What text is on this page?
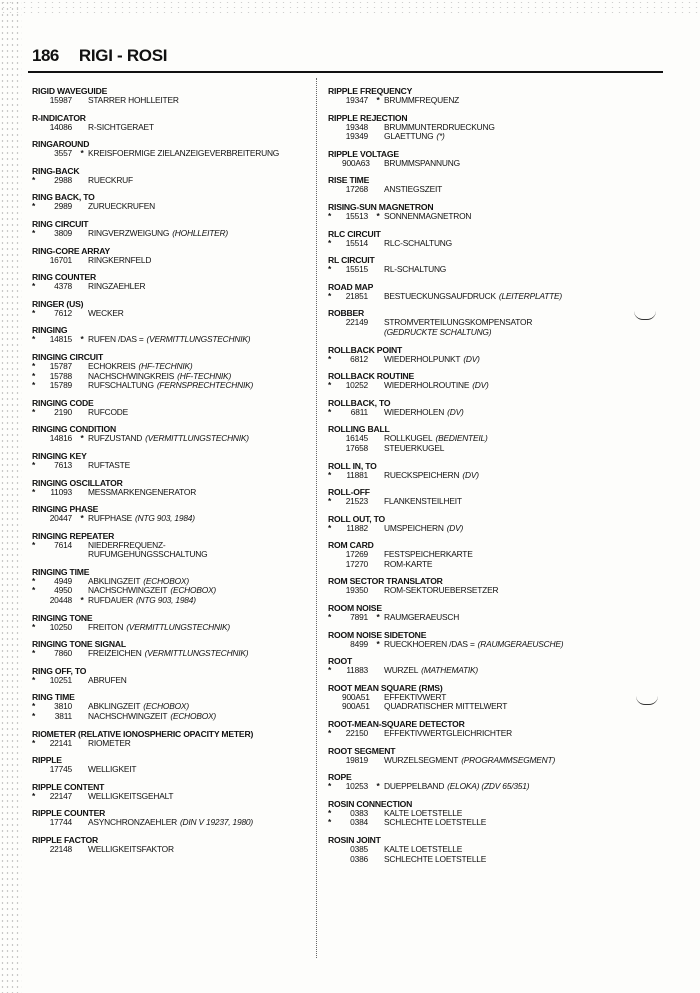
186 RIGI - ROSI
RIGID WAVEGUIDE
15987	STARRER HOHLLEITER
R-INDICATOR
14086	R-SICHTGERAET
RINGAROUND
3557	* KREISFOERMIGE ZIELANZEIGEVERBREITERUNG
RING-BACK
*	2988	RUECKRUF
RING BACK, TO
*	2989	ZURUECKRUFEN
RING CIRCUIT
*	3809	RINGVERZWEIGUNG (HOHLLEITER)
RING-CORE ARRAY
16701	RINGKERNFELD
RING COUNTER
*	4378	RINGZAEHLER
RINGER (US)
*	7612	WECKER
RINGING
*	14815	* RUFEN /DAS = (VERMITTLUNGSTECHNIK)
RINGING CIRCUIT
*	15787	ECHOKREIS (HF-TECHNIK)
*	15788	NACHSCHWINGKREIS (HF-TECHNIK)
*	15789	RUFSCHALTUNG (FERNSPRECHTECHNIK)
RINGING CODE
*	2190	RUFCODE
RINGING CONDITION
14816	* RUFZUSTAND (VERMITTLUNGSTECHNIK)
RINGING KEY
*	7613	RUFTASTE
RINGING OSCILLATOR
*	11093	MESSMARKENGENERATOR
RINGING PHASE
20447	* RUFPHASE (NTG 903, 1984)
RINGING REPEATER
*	7614	NIEDERFREQUENZ-
RUFUMGEHUNGSSCHALTUNG
RINGING TIME
*	4949	ABKLINGZEIT (ECHOBOX)
*	4950	NACHSCHWINGZEIT (ECHOBOX)
20448	* RUFDAUER (NTG 903, 1984)
RINGING TONE
*	10250	FREITON (VERMITTLUNGSTECHNIK)
RINGING TONE SIGNAL
*	7860	FREIZEICHEN (VERMITTLUNGSTECHNIK)
RING OFF, TO
*	10251	ABRUFEN
RING TIME
*	3810	ABKLINGZEIT (ECHOBOX)
*	3811	NACHSCHWINGZEIT (ECHOBOX)
RIOMETER (RELATIVE IONOSPHERIC OPACITY METER)
*	22141	RIOMETER
RIPPLE
17745	WELLIGKEIT
RIPPLE CONTENT
*	22147	WELLIGKEITSGEHALT
RIPPLE COUNTER
17744	ASYNCHRONZAEHLER (DIN V 19237, 1980)
RIPPLE FACTOR
22148	WELLIGKEITSFAKTOR
RIPPLE FREQUENCY
19347	* BRUMMFREQUENZ
RIPPLE REJECTION
19348	BRUMMUNTERDRUECKUNG
19349	GLAETTUNG (*)
RIPPLE VOLTAGE
900A63 BRUMMSPANNUNG
RISE TIME
17268	ANSTIEGSZEIT
RISING-SUN MAGNETRON
*	15513	* SONNENMAGNETRON
RLC CIRCUIT
*	15514	RLC-SCHALTUNG
RL CIRCUIT
*	15515	RL-SCHALTUNG
ROAD MAP
*	21851	BESTUECKUNGSAUFDRUCK (LEITERPLATTE)
ROBBER
22149	STROMVERTEILUNGSKOMPENSATOR
(GEDRUCKTE SCHALTUNG)
ROLLBACK POINT
*	6812	WIEDERHOLPUNKT (DV)
ROLLBACK ROUTINE
*	10252	WIEDERHOLROUTINE (DV)
ROLLBACK, TO
*	6811	WIEDERHOLEN (DV)
ROLLING BALL
16145	ROLLKUGEL (BEDIENTEIL)
17658	STEUERKUGEL
ROLL IN, TO
*	11881	RUECKSPEICHERN (DV)
ROLL-OFF
*	21523	FLANKENSTEILHEIT
ROLL OUT, TO
*	11882	UMSPEICHERN (DV)
ROM CARD
17269	FESTSPEICHERKARTE
17270	ROM-KARTE
ROM SECTOR TRANSLATOR
19350	ROM-SEKTORUEBERSETZER
ROOM NOISE
*	7891	* RAUMGERAEUSCH
ROOM NOISE SIDETONE
8499	* RUECKHOEREN /DAS = (RAUMGERAEUSCHE)
ROOT
*	11883	WURZEL (MATHEMATIK)
ROOT MEAN SQUARE (RMS)
900A51 EFFEKTIVWERT
900A51 QUADRATISCHER MITTELWERT
ROOT-MEAN-SQUARE DETECTOR
*	22150	EFFEKTIVWERTGLEICHRICHTER
ROOT SEGMENT
19819	WURZELSEGMENT (PROGRAMMSEGMENT)
ROPE
*	10253	* DUEPPELBAND (ELOKA) (ZDV 65/351)
ROSIN CONNECTION
*	0383	KALTE LOETSTELLE
*	0384	SCHLECHTE LOETSTELLE
ROSIN JOINT
0385	KALTE LOETSTELLE
0386	SCHLECHTE LOETSTELLE
